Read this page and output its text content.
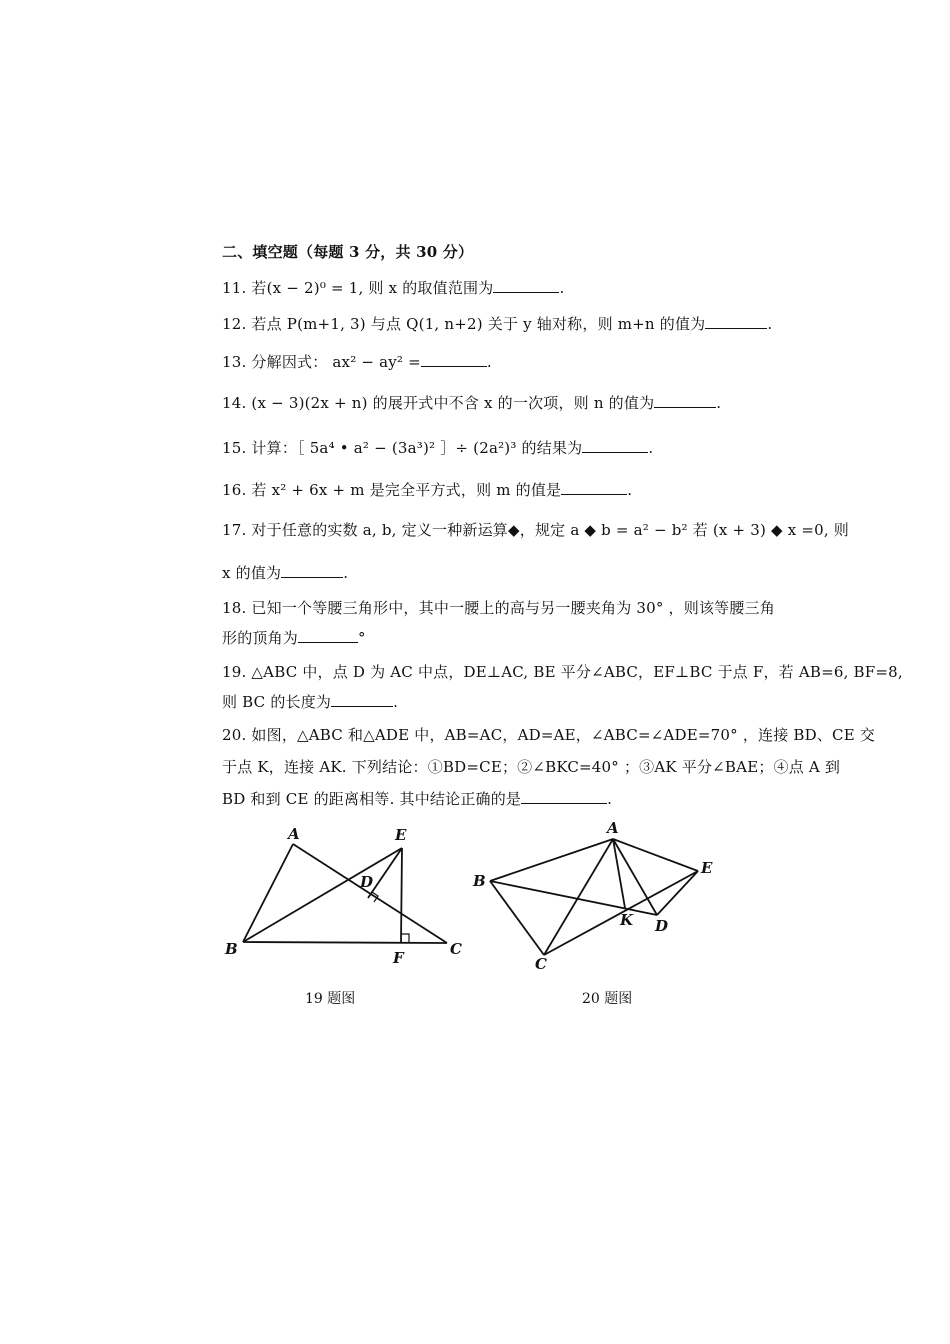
二、填空题（每题 3 分，共 30 分）
11. 若(x − 2)⁰ = 1, 则 x 的取值范围为	.
12. 若点 P(m+1, 3) 与点 Q(1, n+2) 关于 y 轴对称，则 m+n 的值为	.
13. 分解因式： ax² − ay² =	.
14. (x − 3)(2x + n) 的展开式中不含 x 的一次项，则 n 的值为	.
15. 计算：［ 5a⁴ • a² − (3a³)² ］÷ (2a²)³ 的结果为	.
16. 若 x² + 6x + m 是完全平方式，则 m 的值是	.
17. 对于任意的实数 a, b, 定义一种新运算◆，规定 a ◆ b = a² − b² 若 (x + 3) ◆ x =0, 则
x 的值为	.
18. 已知一个等腰三角形中，其中一腰上的高与另一腰夹角为 30° ，则该等腰三角
形的顶角为	°
19. △ABC 中，点 D 为 AC 中点，DE⊥AC, BE 平分∠ABC，EF⊥BC 于点 F，若 AB=6, BF=8,
则 BC 的长度为	.
20. 如图，△ABC 和△ADE 中，AB=AC，AD=AE，∠ABC=∠ADE=70° ，连接 BD、CE 交
于点 K，连接 AK. 下列结论：①BD=CE；②∠BKC=40° ；③AK 平分∠BAE；④点 A 到
BD 和到 CE 的距离相等. 其中结论正确的是	.
A
B	C
D
E
F
A
B
C
D
E
K
19 题图	20 题图
